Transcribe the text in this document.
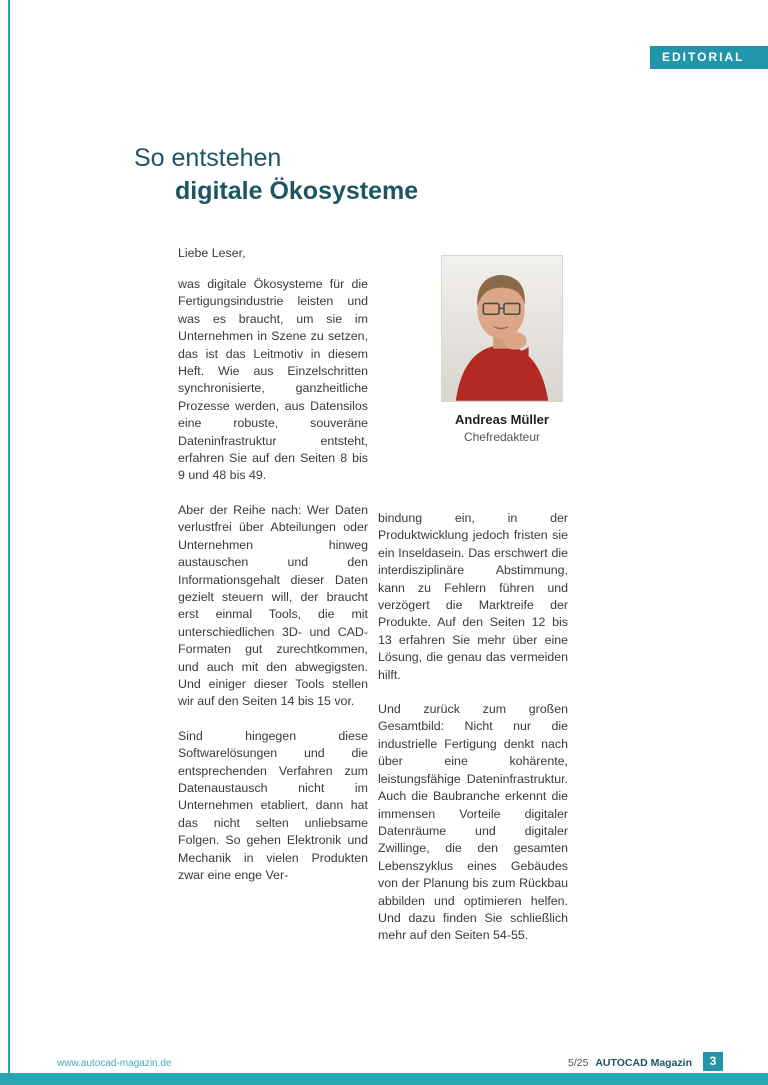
EDITORIAL
So entstehen
digitale Ökosysteme
Liebe Leser,

was digitale Ökosysteme für die Fertigungsindustrie leisten und was es braucht, um sie im Unternehmen in Szene zu setzen, das ist das Leitmotiv in diesem Heft. Wie aus Einzelschritten synchronisierte, ganzheitliche Prozesse werden, aus Datensilos eine robuste, souveräne Dateninfrastruktur entsteht, erfahren Sie auf den Seiten 8 bis 9 und 48 bis 49.

Aber der Reihe nach: Wer Daten verlustfrei über Abteilungen oder Unternehmen hinweg austauschen und den Informationsgehalt dieser Daten gezielt steuern will, der braucht erst einmal Tools, die mit unterschiedlichen 3D- und CAD-Formaten gut zurechtkommen, und auch mit den abwegigsten. Und einiger dieser Tools stellen wir auf den Seiten 14 bis 15 vor.

Sind hingegen diese Softwarelösungen und die entsprechenden Verfahren zum Datenaustausch nicht im Unternehmen etabliert, dann hat das nicht selten unliebsame Folgen. So gehen Elektronik und Mechanik in vielen Produkten zwar eine enge Ver-

Andreas Müller
Chefredakteur

bindung ein, in der Produktwicklung jedoch fristen sie ein Inseldasein. Das erschwert die interdisziplinäre Abstimmung, kann zu Fehlern führen und verzögert die Marktreife der Produkte. Auf den Seiten 12 bis 13 erfahren Sie mehr über eine Lösung, die genau das vermeiden hilft.

Und zurück zum großen Gesamtbild: Nicht nur die industrielle Fertigung denkt nach über eine kohärente, leistungsfähige Dateninfrastruktur. Auch die Baubranche erkennt die immensen Vorteile digitaler Datenräume und digitaler Zwillinge, die den gesamten Lebenszyklus eines Gebäudes von der Planung bis zum Rückbau abbilden und optimieren helfen. Und dazu finden Sie schließlich mehr auf den Seiten 54-55.

www.autocad-magazin.de	5/25 AUTOCAD Magazin	3
